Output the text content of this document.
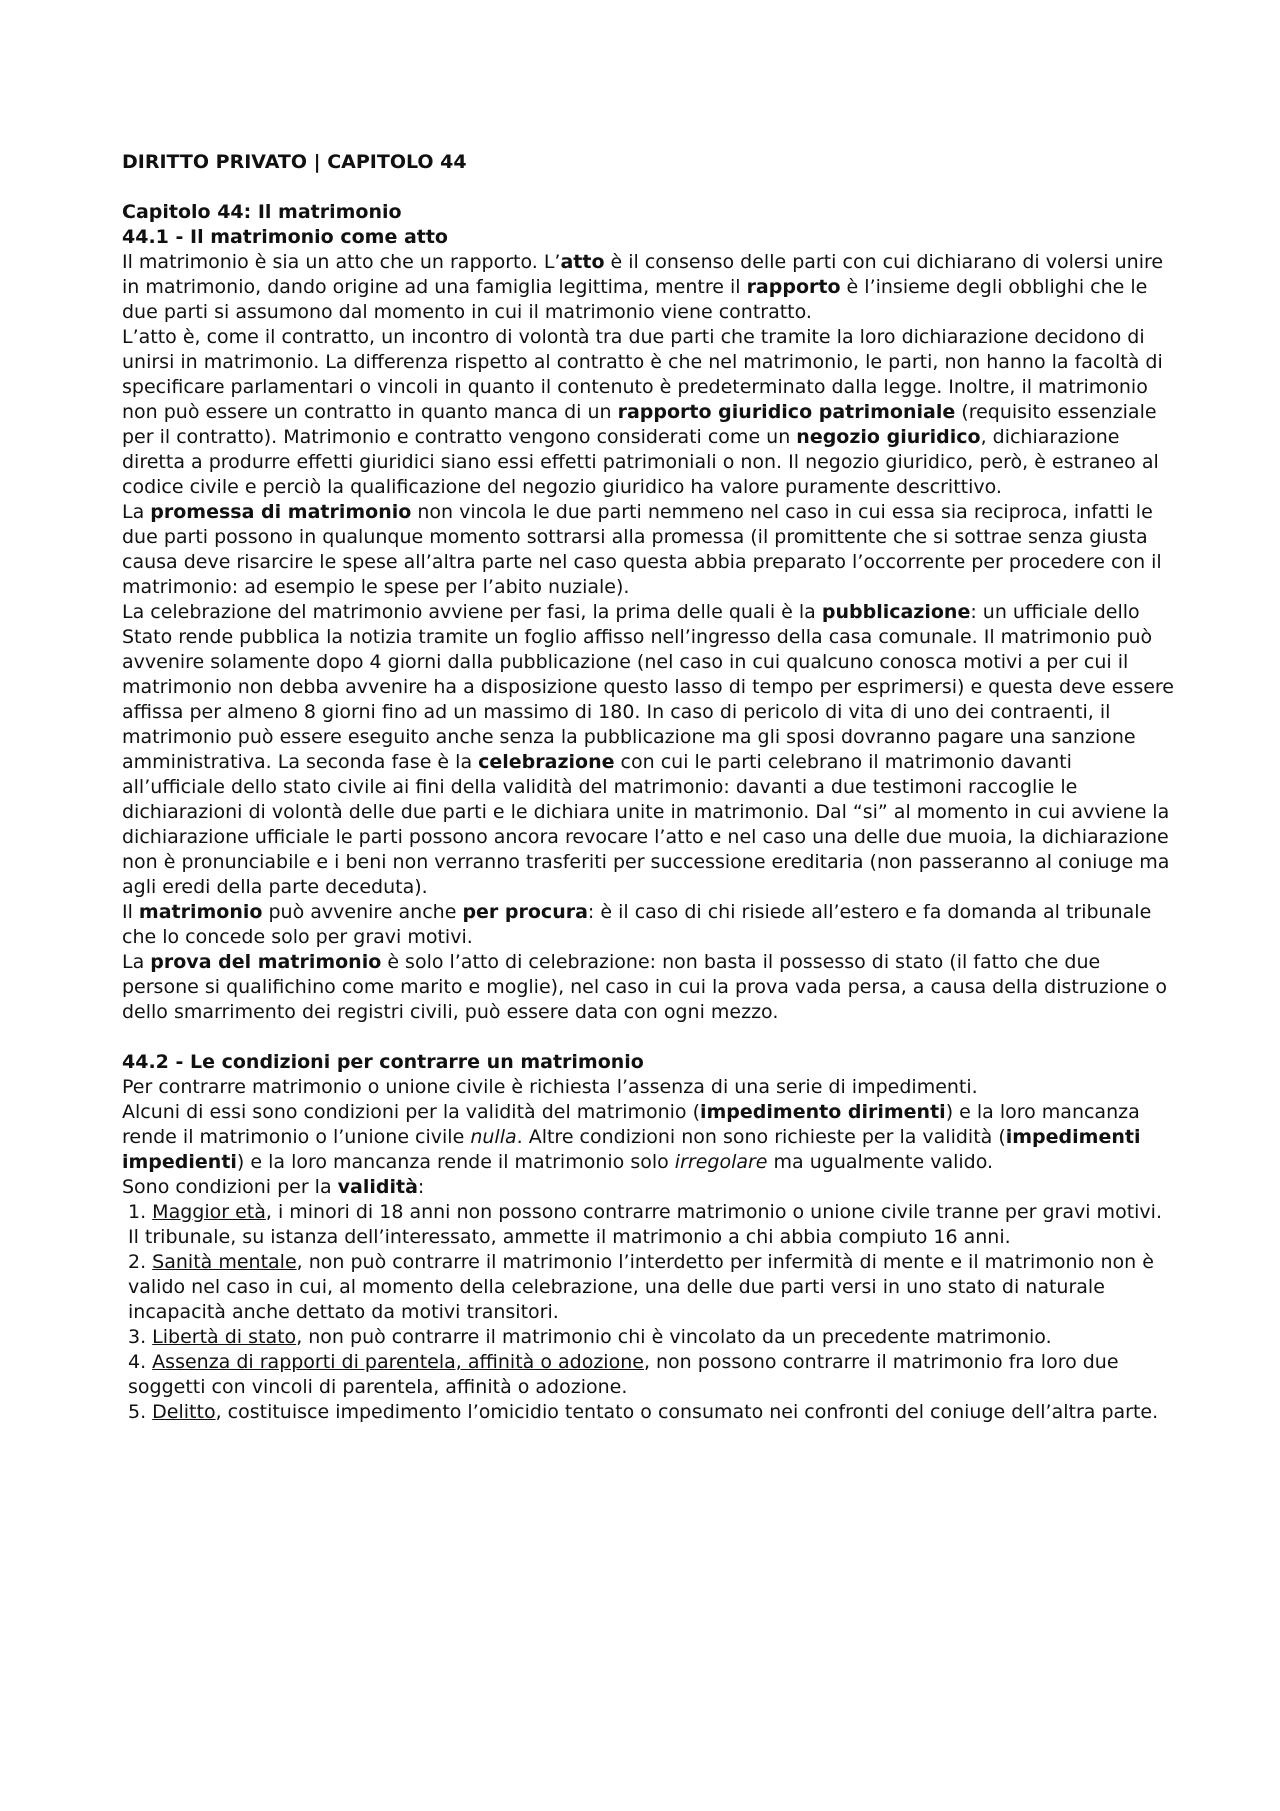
DIRITTO PRIVATO | CAPITOLO 44

Capitolo 44: Il matrimonio

44.1 - Il matrimonio come atto

Il matrimonio è sia un atto che un rapporto. L’atto è il consenso delle parti con cui dichiarano di volersi unire in matrimonio, dando origine ad una famiglia legittima, mentre il rapporto è l’insieme degli obblighi che le due parti si assumono dal momento in cui il matrimonio viene contratto.

L’atto è, come il contratto, un incontro di volontà tra due parti che tramite la loro dichiarazione decidono di unirsi in matrimonio. La differenza rispetto al contratto è che nel matrimonio, le parti, non hanno la facoltà di specificare parlamentari o vincoli in quanto il contenuto è predeterminato dalla legge. Inoltre, il matrimonio non può essere un contratto in quanto manca di un rapporto giuridico patrimoniale (requisito essenziale per il contratto). Matrimonio e contratto vengono considerati come un negozio giuridico, dichiarazione diretta a produrre effetti giuridici siano essi effetti patrimoniali o non. Il negozio giuridico, però, è estraneo al codice civile e perciò la qualificazione del negozio giuridico ha valore puramente descrittivo.

La promessa di matrimonio non vincola le due parti nemmeno nel caso in cui essa sia reciproca, infatti le due parti possono in qualunque momento sottrarsi alla promessa (il promittente che si sottrae senza giusta causa deve risarcire le spese all’altra parte nel caso questa abbia preparato l’occorrente per procedere con il matrimonio: ad esempio le spese per l’abito nuziale).

La celebrazione del matrimonio avviene per fasi, la prima delle quali è la pubblicazione: un ufficiale dello Stato rende pubblica la notizia tramite un foglio affisso nell’ingresso della casa comunale. Il matrimonio può avvenire solamente dopo 4 giorni dalla pubblicazione (nel caso in cui qualcuno conosca motivi a per cui il matrimonio non debba avvenire ha a disposizione questo lasso di tempo per esprimersi) e questa deve essere affissa per almeno 8 giorni fino ad un massimo di 180. In caso di pericolo di vita di uno dei contraenti, il matrimonio può essere eseguito anche senza la pubblicazione ma gli sposi dovranno pagare una sanzione amministrativa. La seconda fase è la celebrazione con cui le parti celebrano il matrimonio davanti all’ufficiale dello stato civile ai fini della validità del matrimonio: davanti a due testimoni raccoglie le dichiarazioni di volontà delle due parti e le dichiara unite in matrimonio. Dal “si” al momento in cui avviene la dichiarazione ufficiale le parti possono ancora revocare l’atto e nel caso una delle due muoia, la dichiarazione non è pronunciabile e i beni non verranno trasferiti per successione ereditaria (non passeranno al coniuge ma agli eredi della parte deceduta).

Il matrimonio può avvenire anche per procura: è il caso di chi risiede all’estero e fa domanda al tribunale che lo concede solo per gravi motivi.

La prova del matrimonio è solo l’atto di celebrazione: non basta il possesso di stato (il fatto che due persone si qualifichino come marito e moglie), nel caso in cui la prova vada persa, a causa della distruzione o dello smarrimento dei registri civili, può essere data con ogni mezzo.

44.2 - Le condizioni per contrarre un matrimonio

Per contrarre matrimonio o unione civile è richiesta l’assenza di una serie di impedimenti.

Alcuni di essi sono condizioni per la validità del matrimonio (impedimento dirimenti) e la loro mancanza rende il matrimonio o l’unione civile nulla. Altre condizioni non sono richieste per la validità (impedimenti impedienti) e la loro mancanza rende il matrimonio solo irregolare ma ugualmente valido.

Sono condizioni per la validità:

1. Maggior età, i minori di 18 anni non possono contrarre matrimonio o unione civile tranne per gravi motivi. Il tribunale, su istanza dell’interessato, ammette il matrimonio a chi abbia compiuto 16 anni.

2. Sanità mentale, non può contrarre il matrimonio l’interdetto per infermità di mente e il matrimonio non è valido nel caso in cui, al momento della celebrazione, una delle due parti versi in uno stato di naturale incapacità anche dettato da motivi transitori.

3. Libertà di stato, non può contrarre il matrimonio chi è vincolato da un precedente matrimonio.

4. Assenza di rapporti di parentela, affinità o adozione, non possono contrarre il matrimonio fra loro due soggetti con vincoli di parentela, affinità o adozione.

5. Delitto, costituisce impedimento l’omicidio tentato o consumato nei confronti del coniuge dell’altra parte.
